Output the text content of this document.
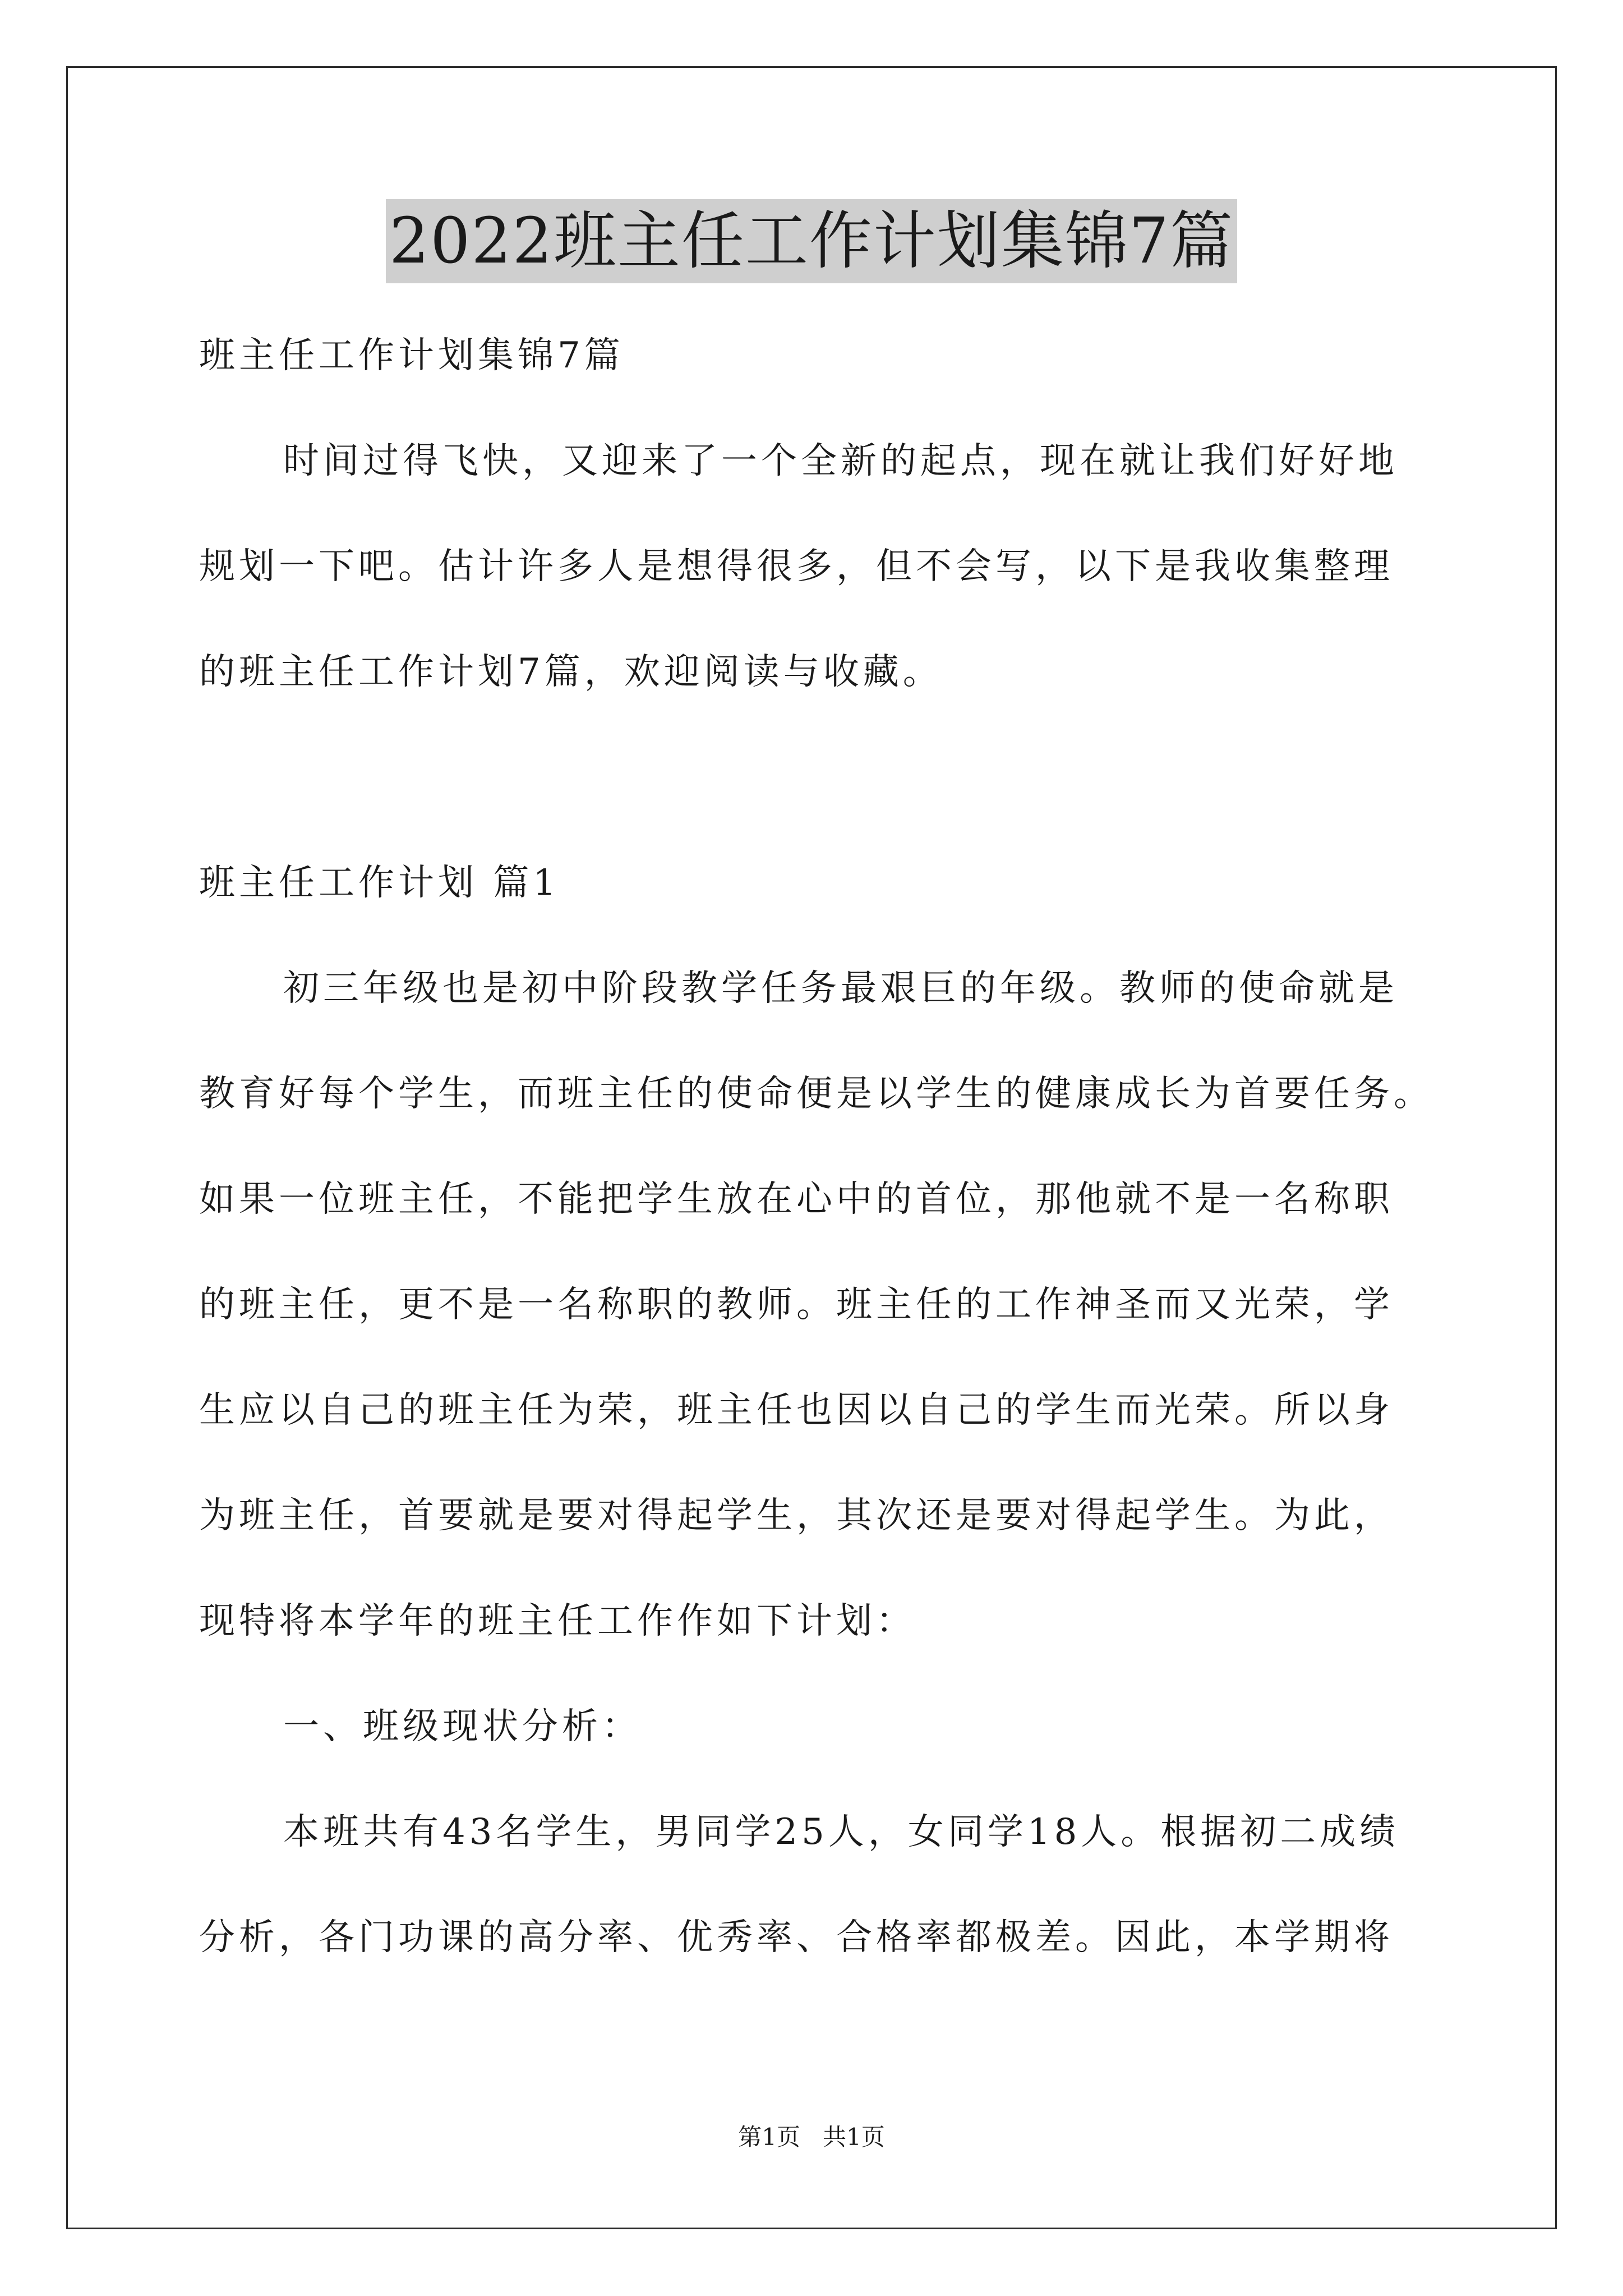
2022班主任工作计划集锦7篇
班主任工作计划集锦7篇
时间过得飞快，又迎来了一个全新的起点，现在就让我们好好地
规划一下吧。估计许多人是想得很多，但不会写，以下是我收集整理
的班主任工作计划7篇，欢迎阅读与收藏。
班主任工作计划 篇1
初三年级也是初中阶段教学任务最艰巨的年级。教师的使命就是
教育好每个学生，而班主任的使命便是以学生的健康成长为首要任务。
如果一位班主任，不能把学生放在心中的首位，那他就不是一名称职
的班主任，更不是一名称职的教师。班主任的工作神圣而又光荣，学
生应以自己的班主任为荣，班主任也因以自己的学生而光荣。所以身
为班主任，首要就是要对得起学生，其次还是要对得起学生。为此，
现特将本学年的班主任工作作如下计划：
一、班级现状分析：
本班共有43名学生，男同学25人，女同学18人。根据初二成绩
分析，各门功课的高分率、优秀率、合格率都极差。因此，本学期将
第1页   共1页
